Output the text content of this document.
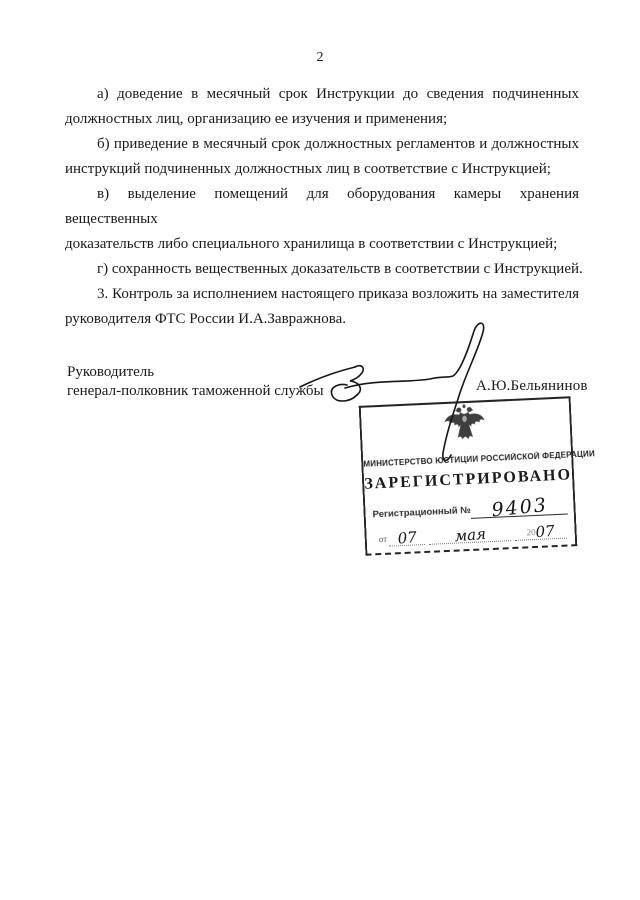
2
а) доведение в месячный срок Инструкции до сведения подчиненных
должностных лиц, организацию ее изучения и применения;
б) приведение в месячный срок должностных регламентов и должностных
инструкций подчиненных должностных лиц в соответствие с Инструкцией;
в) выделение помещений для оборудования камеры хранения вещественных
доказательств либо специального хранилища в соответствии с Инструкцией;
г) сохранность вещественных доказательств в соответствии с Инструкцией.
3. Контроль за исполнением настоящего приказа возложить на заместителя
руководителя ФТС России И.А.Завражнова.
Руководитель
генерал-полковник таможенной службы	А.Ю.Бельянинов
МИНИСТЕРСТВО ЮСТИЦИИ РОССИЙСКОЙ ФЕДЕРАЦИИ
ЗАРЕГИСТРИРОВАНО
Регистрационный № 9403
от 07	мая	2007
